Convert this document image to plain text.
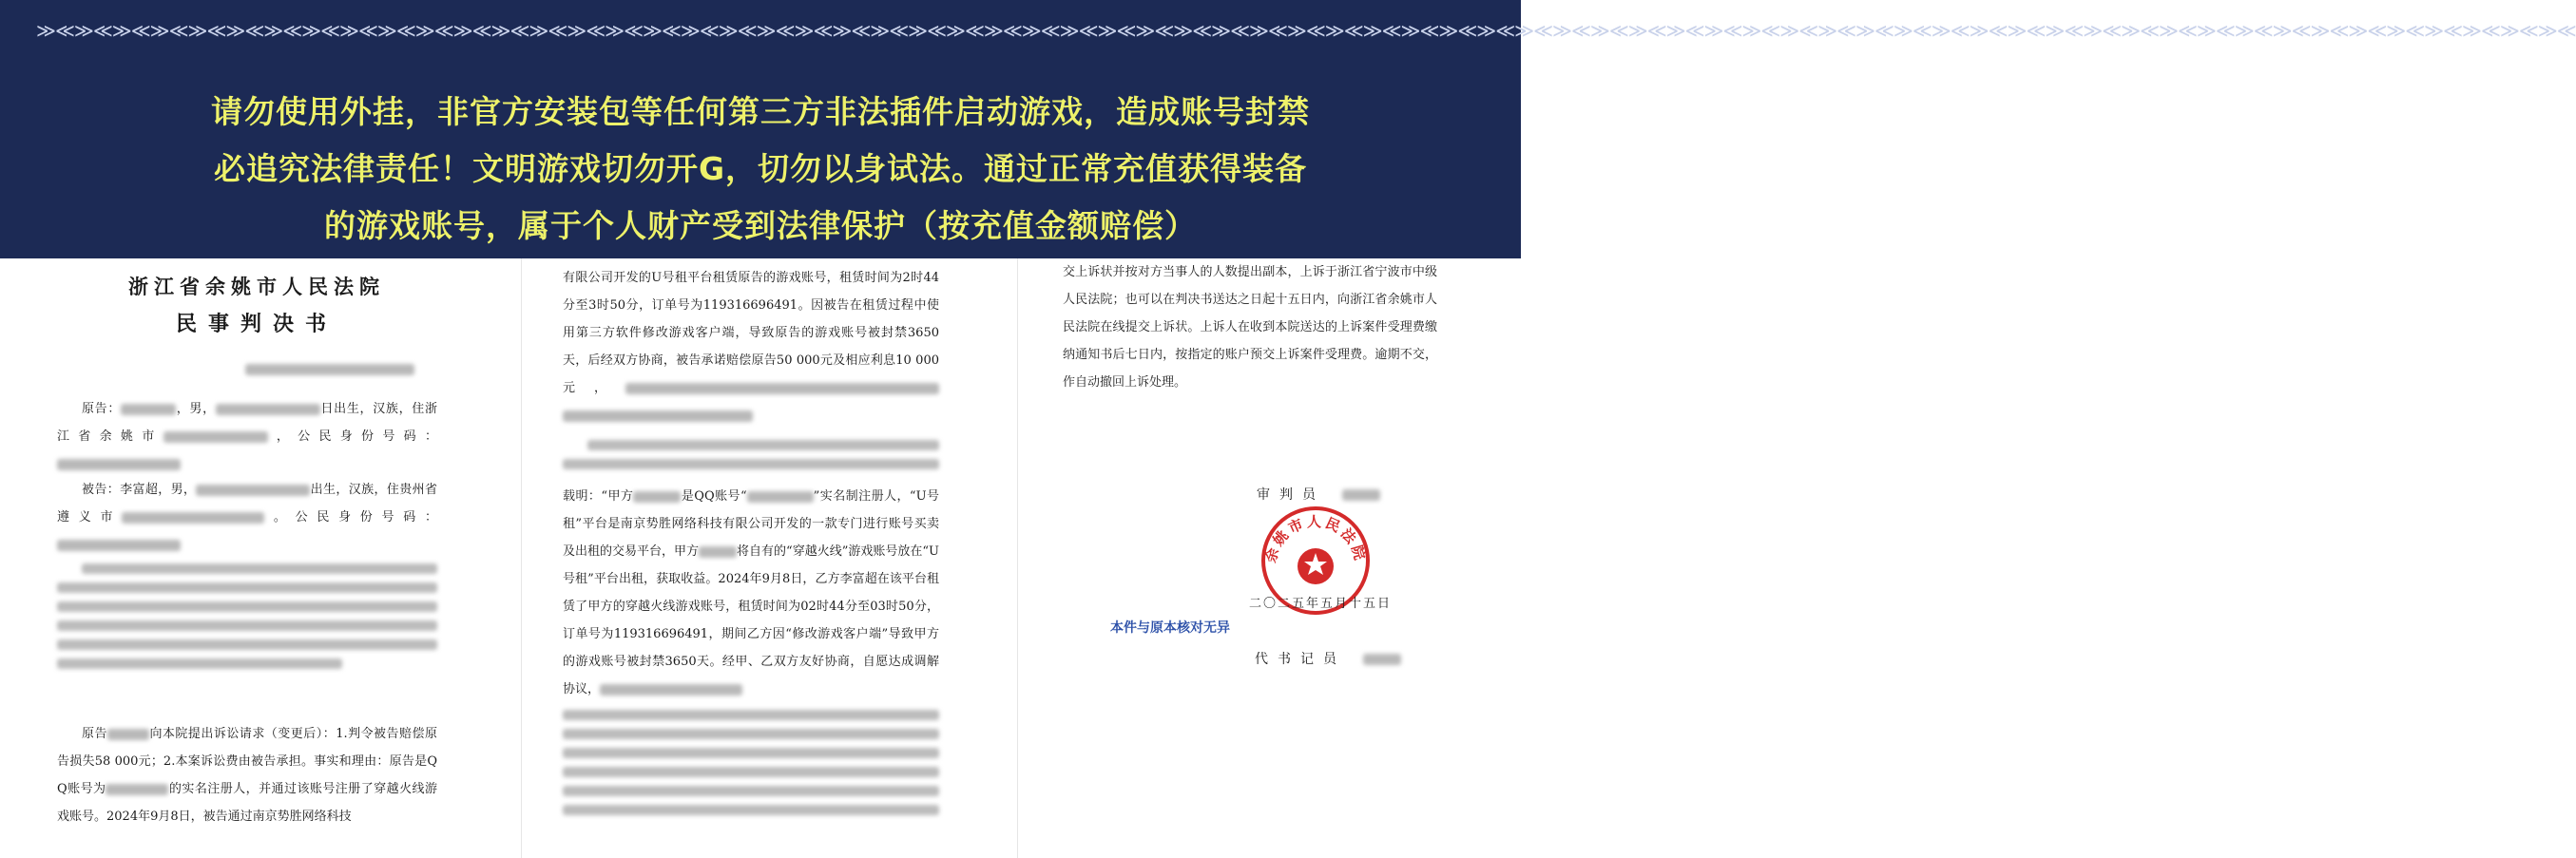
≫≪≫≪≫≪≫≪≫≪≫≪≫≪≫≪≫≪≫≪≫≪≫≪≫≪≫≪≫≪≫≪≫≪≫≪≫≪≫≪≫≪≫≪≫≪≫≪≫≪≫≪≫≪≫≪≫≪≫≪≫≪≫≪≫≪≫≪≫≪≫≪≫≪≫≪≫≪≫≪≫≪≫≪≫≪≫≪≫≪≫≪≫≪≫≪≫≪≫≪≫≪≫≪≫≪≫≪≫≪≫≪≫≪≫≪≫≪≫≪≫≪≫≪≫≪≫≪≫≪≫≪≫≪
请勿使用外挂，非官方安装包等任何第三方非法插件启动游戏，造成账号封禁
必追究法律责任！文明游戏切勿开G，切勿以身试法。通过正常充值获得装备
的游戏账号，属于个人财产受到法律保护（按充值金额赔偿）
浙江省余姚市人民法院
民事判决书

原告：	，男，	日出生，汉族，住浙江省余姚市	，公民身份号码：

被告：李富超，男，	出生，汉族，住贵州省遵义市	。公民身份号码：

原告	向本院提出诉讼请求（变更后）：1.判令被告赔偿原告损失58 000元；2.本案诉讼费由被告承担。事实和理由：原告是QQ账号为	的实名注册人，并通过该账号注册了穿越火线游戏账号。2024年9月8日，被告通过南京势胜网络科技

有限公司开发的U号租平台租赁原告的游戏账号，租赁时间为2时44分至3时50分，订单号为119316696491。因被告在租赁过程中使用第三方软件修改游戏客户端，导致原告的游戏账号被封禁3650天，后经双方协商，被告承诺赔偿原告50 000元及相应利息10 000元，

载明：“甲方	是QQ账号“	”实名制注册人，“U号租”平台是南京势胜网络科技有限公司开发的一款专门进行账号买卖及出租的交易平台，甲方	将自有的“穿越火线”游戏账号放在“U号租”平台出租，获取收益。2024年9月8日，乙方李富超在该平台租赁了甲方的穿越火线游戏账号，租赁时间为02时44分至03时50分，订单号为119316696491，期间乙方因“修改游戏客户端”导致甲方的游戏账号被封禁3650天。经甲、乙双方友好协商，自愿达成调解协议，

交上诉状并按对方当事人的人数提出副本，上诉于浙江省宁波市中级人民法院；也可以在判决书送达之日起十五日内，向浙江省余姚市人民法院在线提交上诉状。上诉人在收到本院送达的上诉案件受理费缴纳通知书后七日内，按指定的账户预交上诉案件受理费。逾期不交，作自动撤回上诉处理。

审判员
余姚市人民法院
二〇二五年五月十五日
本件与原本核对无异
代书记员
